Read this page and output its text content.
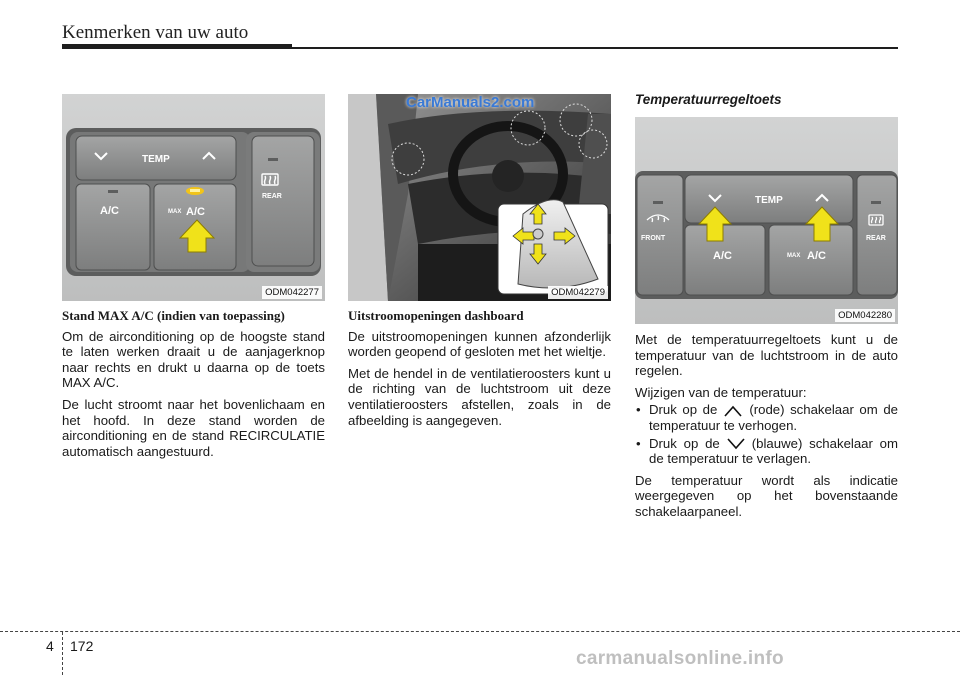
Kenmerken van uw auto
TEMP
A/C	MAX A/C
REAR
ODM042277	ODM042279
FRONT
TEMP
A/C	MAX A/C
REAR
ODM042280
CarManuals2.com
Stand MAX A/C (indien van toepassing)

Om de airconditioning op de hoogste stand te laten werken draait u de aanjagerknop naar rechts en drukt u daarna op de toets MAX A/C.

De lucht stroomt naar het bovenlichaam en het hoofd. In deze stand worden de airconditioning en de stand RECIRCULATIE automatisch aangestuurd.

Uitstroomopeningen dashboard

De uitstroomopeningen kunnen afzonderlijk worden geopend of gesloten met het wieltje.

Met de hendel in de ventilatieroosters kunt u de richting van de luchtstroom uit deze ventilatieroosters afstellen, zoals in de afbeelding is aangegeven.

Temperatuurregeltoets

Met de temperatuurregeltoets kunt u de temperatuur van de luchtstroom in de auto regelen.

Wijzigen van de temperatuur:

• Druk op de (rode) schakelaar om de temperatuur te verhogen.
• Druk op de (blauwe) schakelaar om de temperatuur te verlagen.

De temperatuur wordt als indicatie weergegeven op het bovenstaande schakelaarpaneel.

4 172
carmanualsonline.info
